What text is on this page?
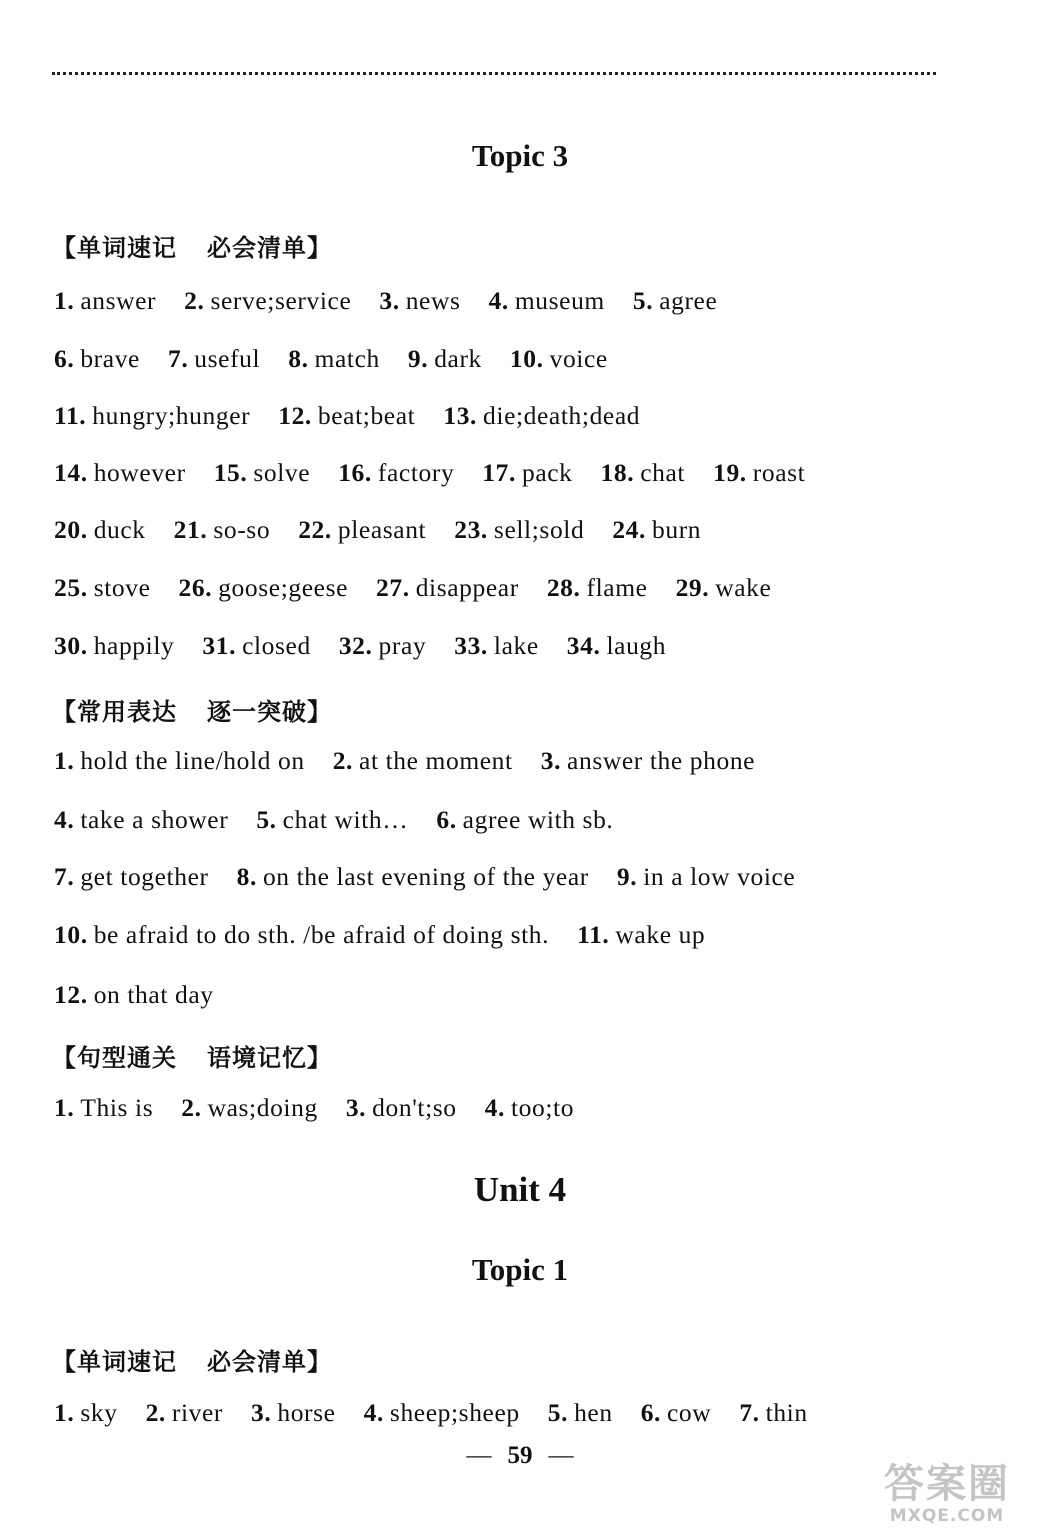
Topic 3
【单词速记 必会清单】
1. answer 2. serve;service 3. news 4. museum 5. agree
6. brave 7. useful 8. match 9. dark 10. voice
11. hungry;hunger 12. beat;beat 13. die;death;dead
14. however 15. solve 16. factory 17. pack 18. chat 19. roast
20. duck 21. so-so 22. pleasant 23. sell;sold 24. burn
25. stove 26. goose;geese 27. disappear 28. flame 29. wake
30. happily 31. closed 32. pray 33. lake 34. laugh
【常用表达 逐一突破】
1. hold the line/hold on 2. at the moment 3. answer the phone
4. take a shower 5. chat with… 6. agree with sb.
7. get together 8. on the last evening of the year 9. in a low voice
10. be afraid to do sth. /be afraid of doing sth. 11. wake up
12. on that day
【句型通关 语境记忆】
1. This is 2. was;doing 3. don't;so 4. too;to
Unit 4
Topic 1
【单词速记 必会清单】
1. sky 2. river 3. horse 4. sheep;sheep 5. hen 6. cow 7. thin
— 59 —
答案圈
MXQE.COM
